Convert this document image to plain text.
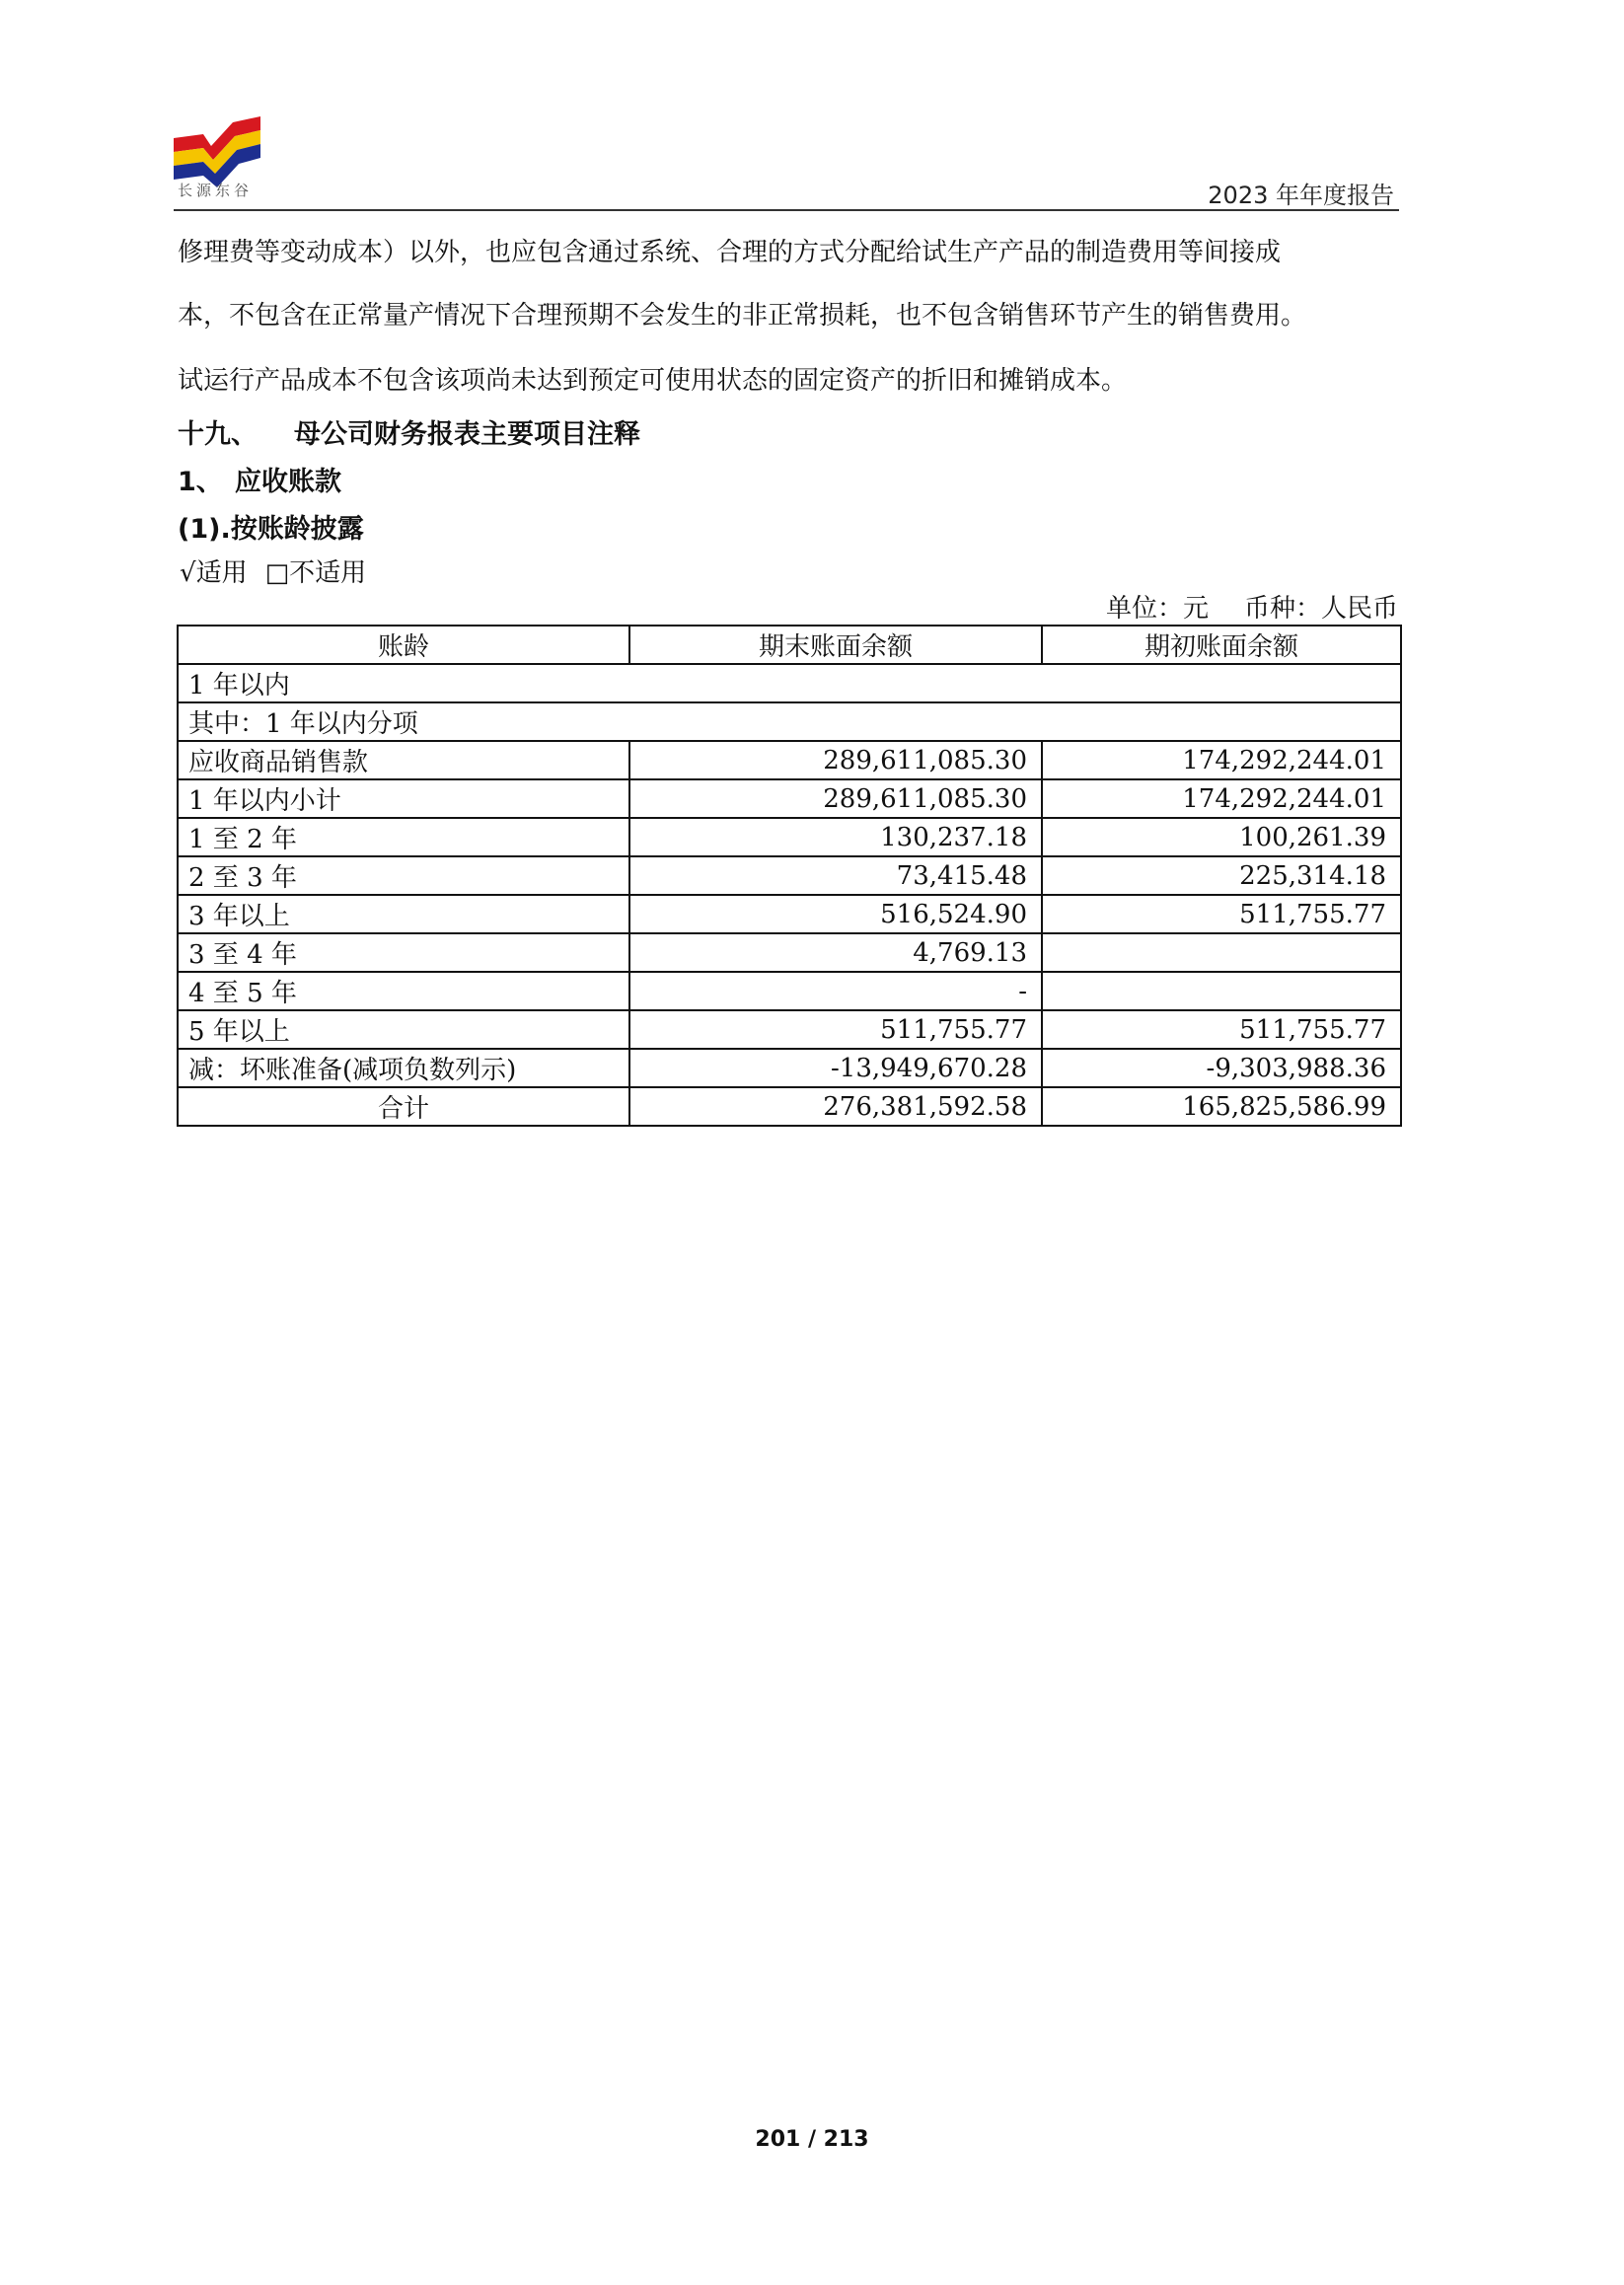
长源东谷	2023 年年度报告
修理费等变动成本）以外，也应包含通过系统、合理的方式分配给试生产产品的制造费用等间接成
本，不包含在正常量产情况下合理预期不会发生的非正常损耗，也不包含销售环节产生的销售费用。
试运行产品成本不包含该项尚未达到预定可使用状态的固定资产的折旧和摊销成本。
十九、 母公司财务报表主要项目注释
1、 应收账款
(1).按账龄披露
√适用 □不适用
单位：元 币种：人民币
账龄	期末账面余额	期初账面余额
1 年以内		
其中：1 年以内分项		
应收商品销售款	289,611,085.30	174,292,244.01
1 年以内小计	289,611,085.30	174,292,244.01
1 至 2 年	130,237.18	100,261.39
2 至 3 年	73,415.48	225,314.18
3 年以上	516,524.90	511,755.77
3 至 4 年	4,769.13	
4 至 5 年	-	
5 年以上	511,755.77	511,755.77
减：坏账准备(减项负数列示)	-13,949,670.28	-9,303,988.36
合计	276,381,592.58	165,825,586.99
201 / 213
